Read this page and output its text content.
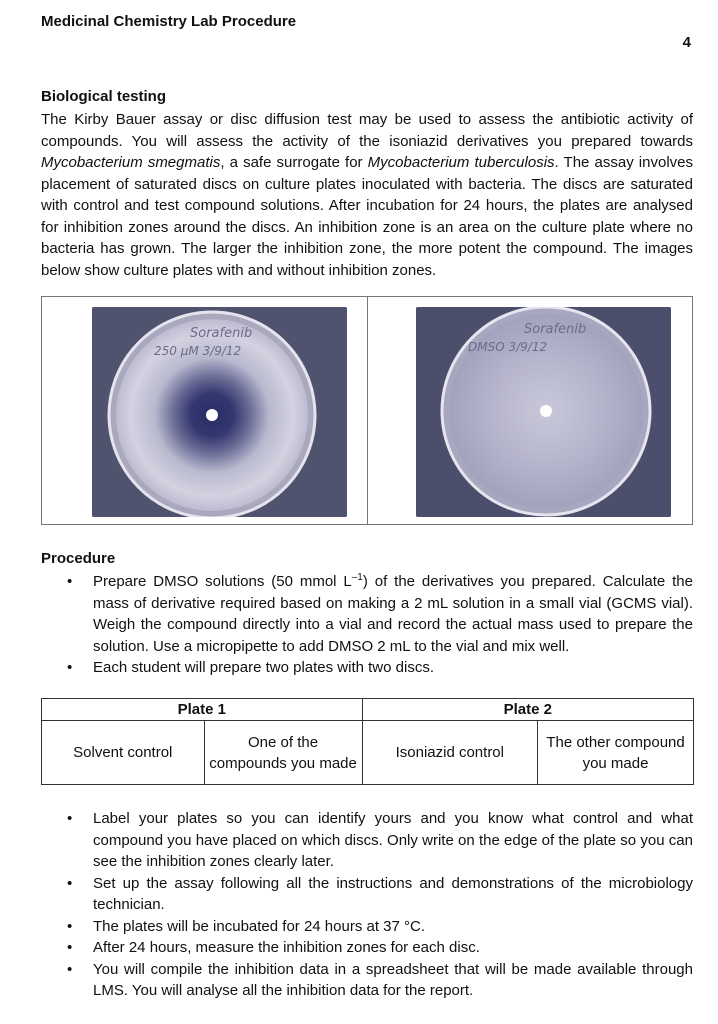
Medicinal Chemistry Lab Procedure
4
Biological testing
The Kirby Bauer assay or disc diffusion test may be used to assess the antibiotic activity of compounds. You will assess the activity of the isoniazid derivatives you prepared towards Mycobacterium smegmatis, a safe surrogate for Mycobacterium tuberculosis. The assay involves placement of saturated discs on culture plates inoculated with bacteria. The discs are saturated with control and test compound solutions. After incubation for 24 hours, the plates are analysed for inhibition zones around the discs. An inhibition zone is an area on the culture plate where no bacteria has grown. The larger the inhibition zone, the more potent the compound. The images below show culture plates with and without inhibition zones.
Sorafenib
250 μM 3/9/12
Sorafenib
DMSO 3/9/12
Procedure
• Prepare DMSO solutions (50 mmol $L^{-1}$) of the derivatives you prepared. Calculate the mass of derivative required based on making a 2 mL solution in a small vial (GCMS vial). Weigh the compound directly into a vial and record the actual mass used to prepare the solution. Use a micropipette to add DMSO 2 mL to the vial and mix well.
• Each student will prepare two plates with two discs.
Plate 1		Plate 2	
Solvent control	One of the compounds you made	Isoniazid control	The other compound you made
• Label your plates so you can identify yours and you know what control and what compound you have placed on which discs. Only write on the edge of the plate so you can see the inhibition zones clearly later.
• Set up the assay following all the instructions and demonstrations of the microbiology technician.
• The plates will be incubated for 24 hours at 37 °C.
• After 24 hours, measure the inhibition zones for each disc.
• You will compile the inhibition data in a spreadsheet that will be made available through LMS. You will analyse all the inhibition data for the report.
